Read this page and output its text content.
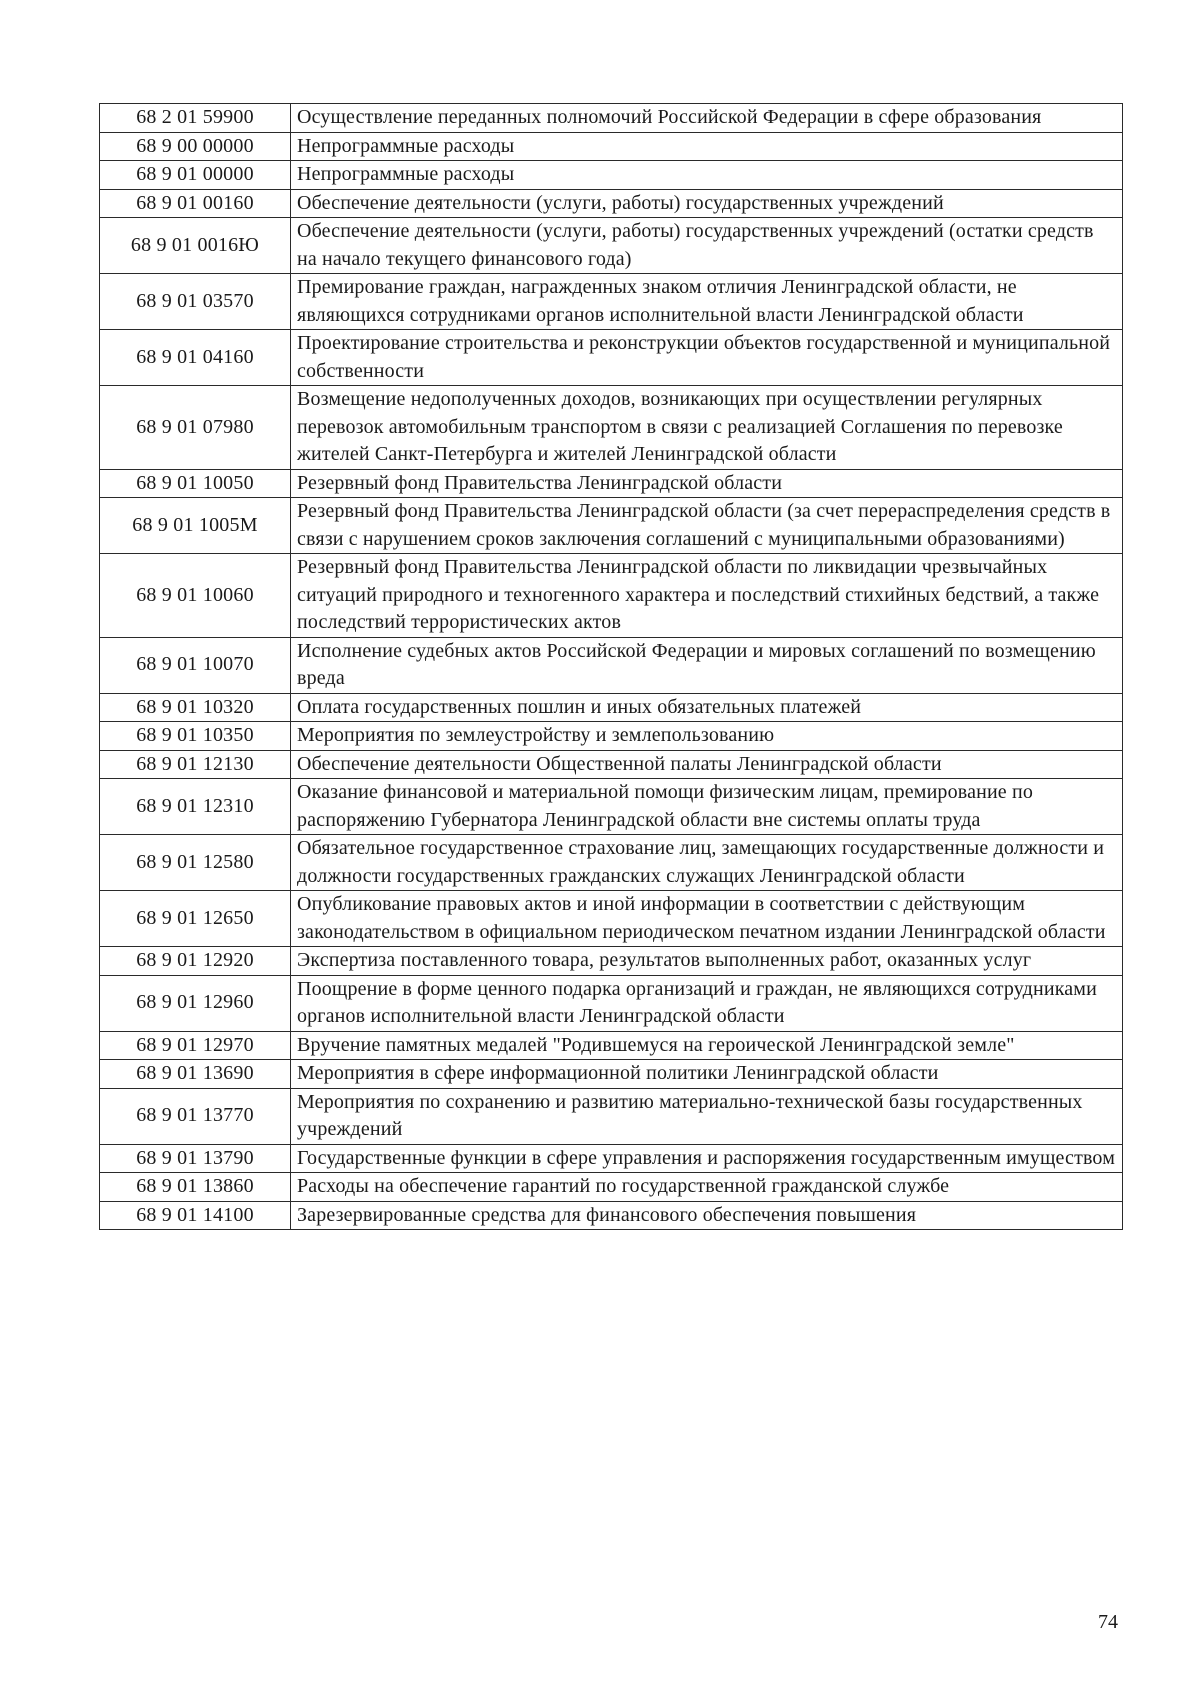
68 2 01 59900	Осуществление переданных полномочий Российской Федерации в сфере образования
68 9 00 00000	Непрограммные расходы
68 9 01 00000	Непрограммные расходы
68 9 01 00160	Обеспечение деятельности (услуги, работы) государственных учреждений
68 9 01 0016Ю	Обеспечение деятельности (услуги, работы) государственных учреждений (остатки средств на начало текущего финансового года)
68 9 01 03570	Премирование граждан, награжденных знаком отличия Ленинградской области, не являющихся сотрудниками органов исполнительной власти Ленинградской области
68 9 01 04160	Проектирование строительства и реконструкции объектов государственной и муниципальной собственности
68 9 01 07980	Возмещение недополученных доходов, возникающих при осуществлении регулярных перевозок автомобильным транспортом в связи с реализацией Соглашения по перевозке жителей Санкт-Петербурга и жителей Ленинградской области
68 9 01 10050	Резервный фонд Правительства Ленинградской области
68 9 01 1005М	Резервный фонд Правительства Ленинградской области (за счет перераспределения средств в связи с нарушением сроков заключения соглашений с муниципальными образованиями)
68 9 01 10060	Резервный фонд Правительства Ленинградской области по ликвидации чрезвычайных ситуаций природного и техногенного характера и последствий стихийных бедствий, а также последствий террористических актов
68 9 01 10070	Исполнение судебных актов Российской Федерации и мировых соглашений по возмещению вреда
68 9 01 10320	Оплата государственных пошлин и иных обязательных платежей
68 9 01 10350	Мероприятия по землеустройству и землепользованию
68 9 01 12130	Обеспечение деятельности Общественной палаты Ленинградской области
68 9 01 12310	Оказание финансовой и материальной помощи физическим лицам, премирование по распоряжению Губернатора Ленинградской области вне системы оплаты труда
68 9 01 12580	Обязательное государственное страхование лиц, замещающих государственные должности и должности государственных гражданских служащих Ленинградской области
68 9 01 12650	Опубликование правовых актов и иной информации в соответствии с действующим законодательством в официальном периодическом печатном издании Ленинградской области
68 9 01 12920	Экспертиза поставленного товара, результатов выполненных работ, оказанных услуг
68 9 01 12960	Поощрение в форме ценного подарка организаций и граждан, не являющихся сотрудниками органов исполнительной власти Ленинградской области
68 9 01 12970	Вручение памятных медалей "Родившемуся на героической Ленинградской земле"
68 9 01 13690	Мероприятия в сфере информационной политики Ленинградской области
68 9 01 13770	Мероприятия по сохранению и развитию материально-технической базы государственных учреждений
68 9 01 13790	Государственные функции в сфере управления и распоряжения государственным имуществом
68 9 01 13860	Расходы на обеспечение гарантий по государственной гражданской службе
68 9 01 14100	Зарезервированные средства для финансового обеспечения повышения
74
